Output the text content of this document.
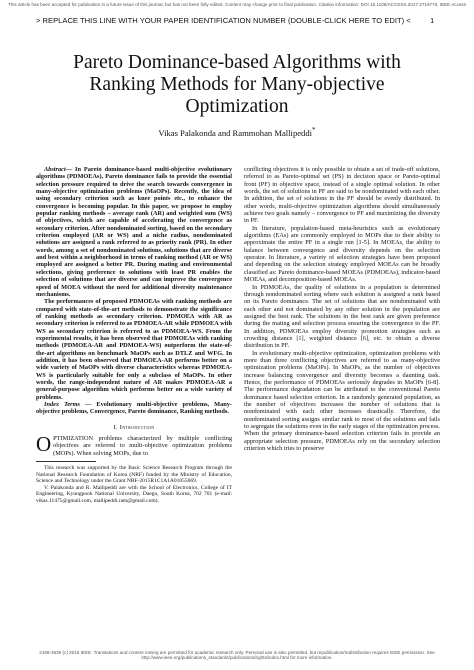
This article has been accepted for publication in a future issue of this journal, but has not been fully edited. Content may change prior to final publication. Citation information: DOI 10.1109/ACCESS.2017.2716779, IEEE Access
> REPLACE THIS LINE WITH YOUR PAPER IDENTIFICATION NUMBER (DOUBLE-CLICK HERE TO EDIT) <	1
Pareto Dominance-based Algorithms with Ranking Methods for Many-objective Optimization
Vikas Palakonda and Rammohan Mallipeddi*

Abstract— In Pareto dominance-based multi-objective evolutionary algorithms (PDMOEAs), Pareto dominance fails to provide the essential selection pressure required to drive the search towards convergence in many-objective optimization problems (MaOPs). Recently, the idea of using secondary criterion such as knee points etc., to enhance the convergence is becoming popular. In this paper, we propose to employ popular ranking methods – average rank (AR) and weighted sum (WS) of objectives, which are capable of accelerating the convergence as secondary criterion. After nondominated sorting, based on the secondary criterion employed (AR or WS) and a niche radius, nondominated solutions are assigned a rank referred to as priority rank (PR). In other words, among a set of nondominated solutions, solutions that are diverse and best within a neighborhood in terms of ranking method (AR or WS) employed are assigned a better PR. During mating and environmental selections, giving preference to solutions with least PR enables the selection of solutions that are diverse and can improve the convergence speed of MOEA without the need for additional diversity maintenance mechanisms.

The performances of proposed PDMOEAs with ranking methods are compared with state-of-the-art methods to demonstrate the significance of ranking methods as secondary criterion. PDMOEA with AR as secondary criterion is referred to as PDMOEA-AR while PDMOEA with WS as secondary criterion is referred to as PDMOEA-WS. From the experimental results, it has been observed that PDMOEAs with ranking methods (PDMOEA-AR and PDMOEA-WS) outperform the state-of-the-art algorithms on benchmark MaOPs such as DTLZ and WFG. In addition, it has been observed that PDMOEA-AR performs better on a wide variety of MaOPs with diverse characteristics whereas PDMOEA-WS is particularly suitable for only a subclass of MaOPs. In other words, the range-independent nature of AR makes PDMOEA-AR a general-purpose algorithm which performs better on a wide variety of problems.

Index Terms — Evolutionary multi-objective problems, Many-objective problems, Convergence, Pareto dominance, Ranking methods.

I. Introduction

OPTIMIZATION problems characterized by multiple conflicting objectives are referred to multi-objective optimization problems (MOPs). When solving MOPs, due to

This research was supported by the Basic Science Research Program through the National Research Foundation of Korea (NRF) funded by the Ministry of Education, Science and Technology under the Grant NRF-2015R1C1A1A01055669.

V. Palakonda and R. Mallipeddi are with the School of Electronics, College of IT Engineering, Kyungpook National University, Daegu, South Korea, 702 701 (e-mail: vikas.11475@gmail.com, mallipeddi.ram@gmail.com).

conflicting objectives it is only possible to obtain a set of trade-off solutions, referred to as Pareto-optimal set (PS) in decision space or Pareto-optimal front (PF) in objective space, instead of a single optimal solution. In other words, the set of solutions in PF are said to be nondominated with each other. In addition, the set of solutions in the PF should be evenly distributed. In other words, multi-objective optimization algorithms should simultaneously achieve two goals namely – convergence to PF and maximizing the diversity in PF.

In literature, population-based meta-heuristics such as evolutionary algorithms (EAs) are commonly employed to MOPs due to their ability to approximate the entire PF in a single run [1-5]. In MOEAs, the ability to balance between convergence and diversity depends on the selection operator. In literature, a variety of selection strategies have been proposed and depending on the selection strategy employed MOEAs can be broadly classified as: Pareto dominance-based MOEAs (PDMOEAs), indicator-based MOEAs, and decomposition-based MOEAs.

In PDMOEAs, the quality of solutions in a population is determined through nondominated sorting where each solution is assigned a rank based on its Pareto dominance. The set of solutions that are nondominated with each other and not dominated by any other solution in the population are assigned the best rank. The solutions in the best rank are given preference during the mating and selection process ensuring the convergence to the PF. In addition, PDMOEAs employ diversity promotion strategies such as crowding distance [1], weighted distance [6], etc. to obtain a diverse distribution in PF.

In evolutionary multi-objective optimization, optimization problems with more than three conflicting objectives are referred to as many-objective optimization problems (MaOPs). In MaOPs, as the number of objectives increase balancing convergence and diversity becomes a daunting task. Hence, the performance of PDMOEAs seriously degrades in MaOPs [6-8]. The performance degradation can be attributed to the conventional Pareto dominance based selection criterion. In a randomly generated population, as the number of objectives increases the number of solutions that is nondominated with each other increases drastically. Therefore, the nondominated sorting assigns similar rank to most of the solutions and fails to segregate the solutions even in the early stages of the optimization process. When the primary dominance-based selection criterion fails to provide an appropriate selection pressure, PDMOEAs rely on the secondary selection criterion which tries to preserve

2169-3536 (c) 2016 IEEE. Translations and content mining are permitted for academic research only. Personal use is also permitted, but republication/redistribution requires IEEE permission. See http://www.ieee.org/publications_standards/publications/rights/index.html for more information.
